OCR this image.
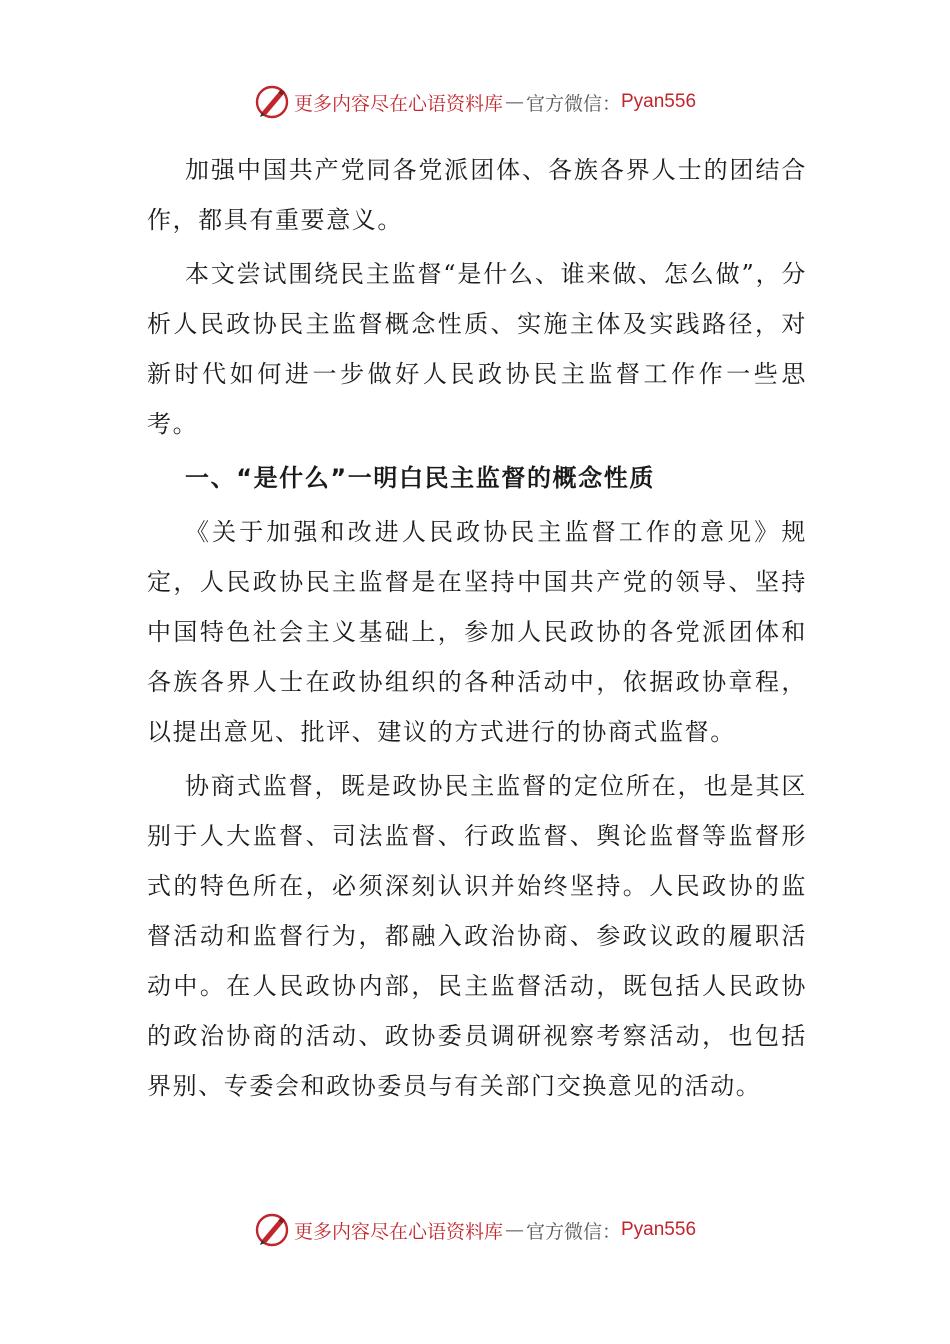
更多内容尽在心语资料库 — 官方微信： Pyan556

加强中国共产党同各党派团体、各族各界人士的团结合作，都具有重要意义。

本文尝试围绕民主监督“是什么、谁来做、怎么做”，分析人民政协民主监督概念性质、实施主体及实践路径，对新时代如何进一步做好人民政协民主监督工作作一些思考。

一、“是什么”一明白民主监督的概念性质

《关于加强和改进人民政协民主监督工作的意见》规定，人民政协民主监督是在坚持中国共产党的领导、坚持中国特色社会主义基础上，参加人民政协的各党派团体和各族各界人士在政协组织的各种活动中，依据政协章程，以提出意见、批评、建议的方式进行的协商式监督。

协商式监督，既是政协民主监督的定位所在，也是其区别于人大监督、司法监督、行政监督、舆论监督等监督形式的特色所在，必须深刻认识并始终坚持。人民政协的监督活动和监督行为，都融入政治协商、参政议政的履职活动中。在人民政协内部，民主监督活动，既包括人民政协的政治协商的活动、政协委员调研视察考察活动，也包括界别、专委会和政协委员与有关部门交换意见的活动。

更多内容尽在心语资料库 — 官方微信： Pyan556
